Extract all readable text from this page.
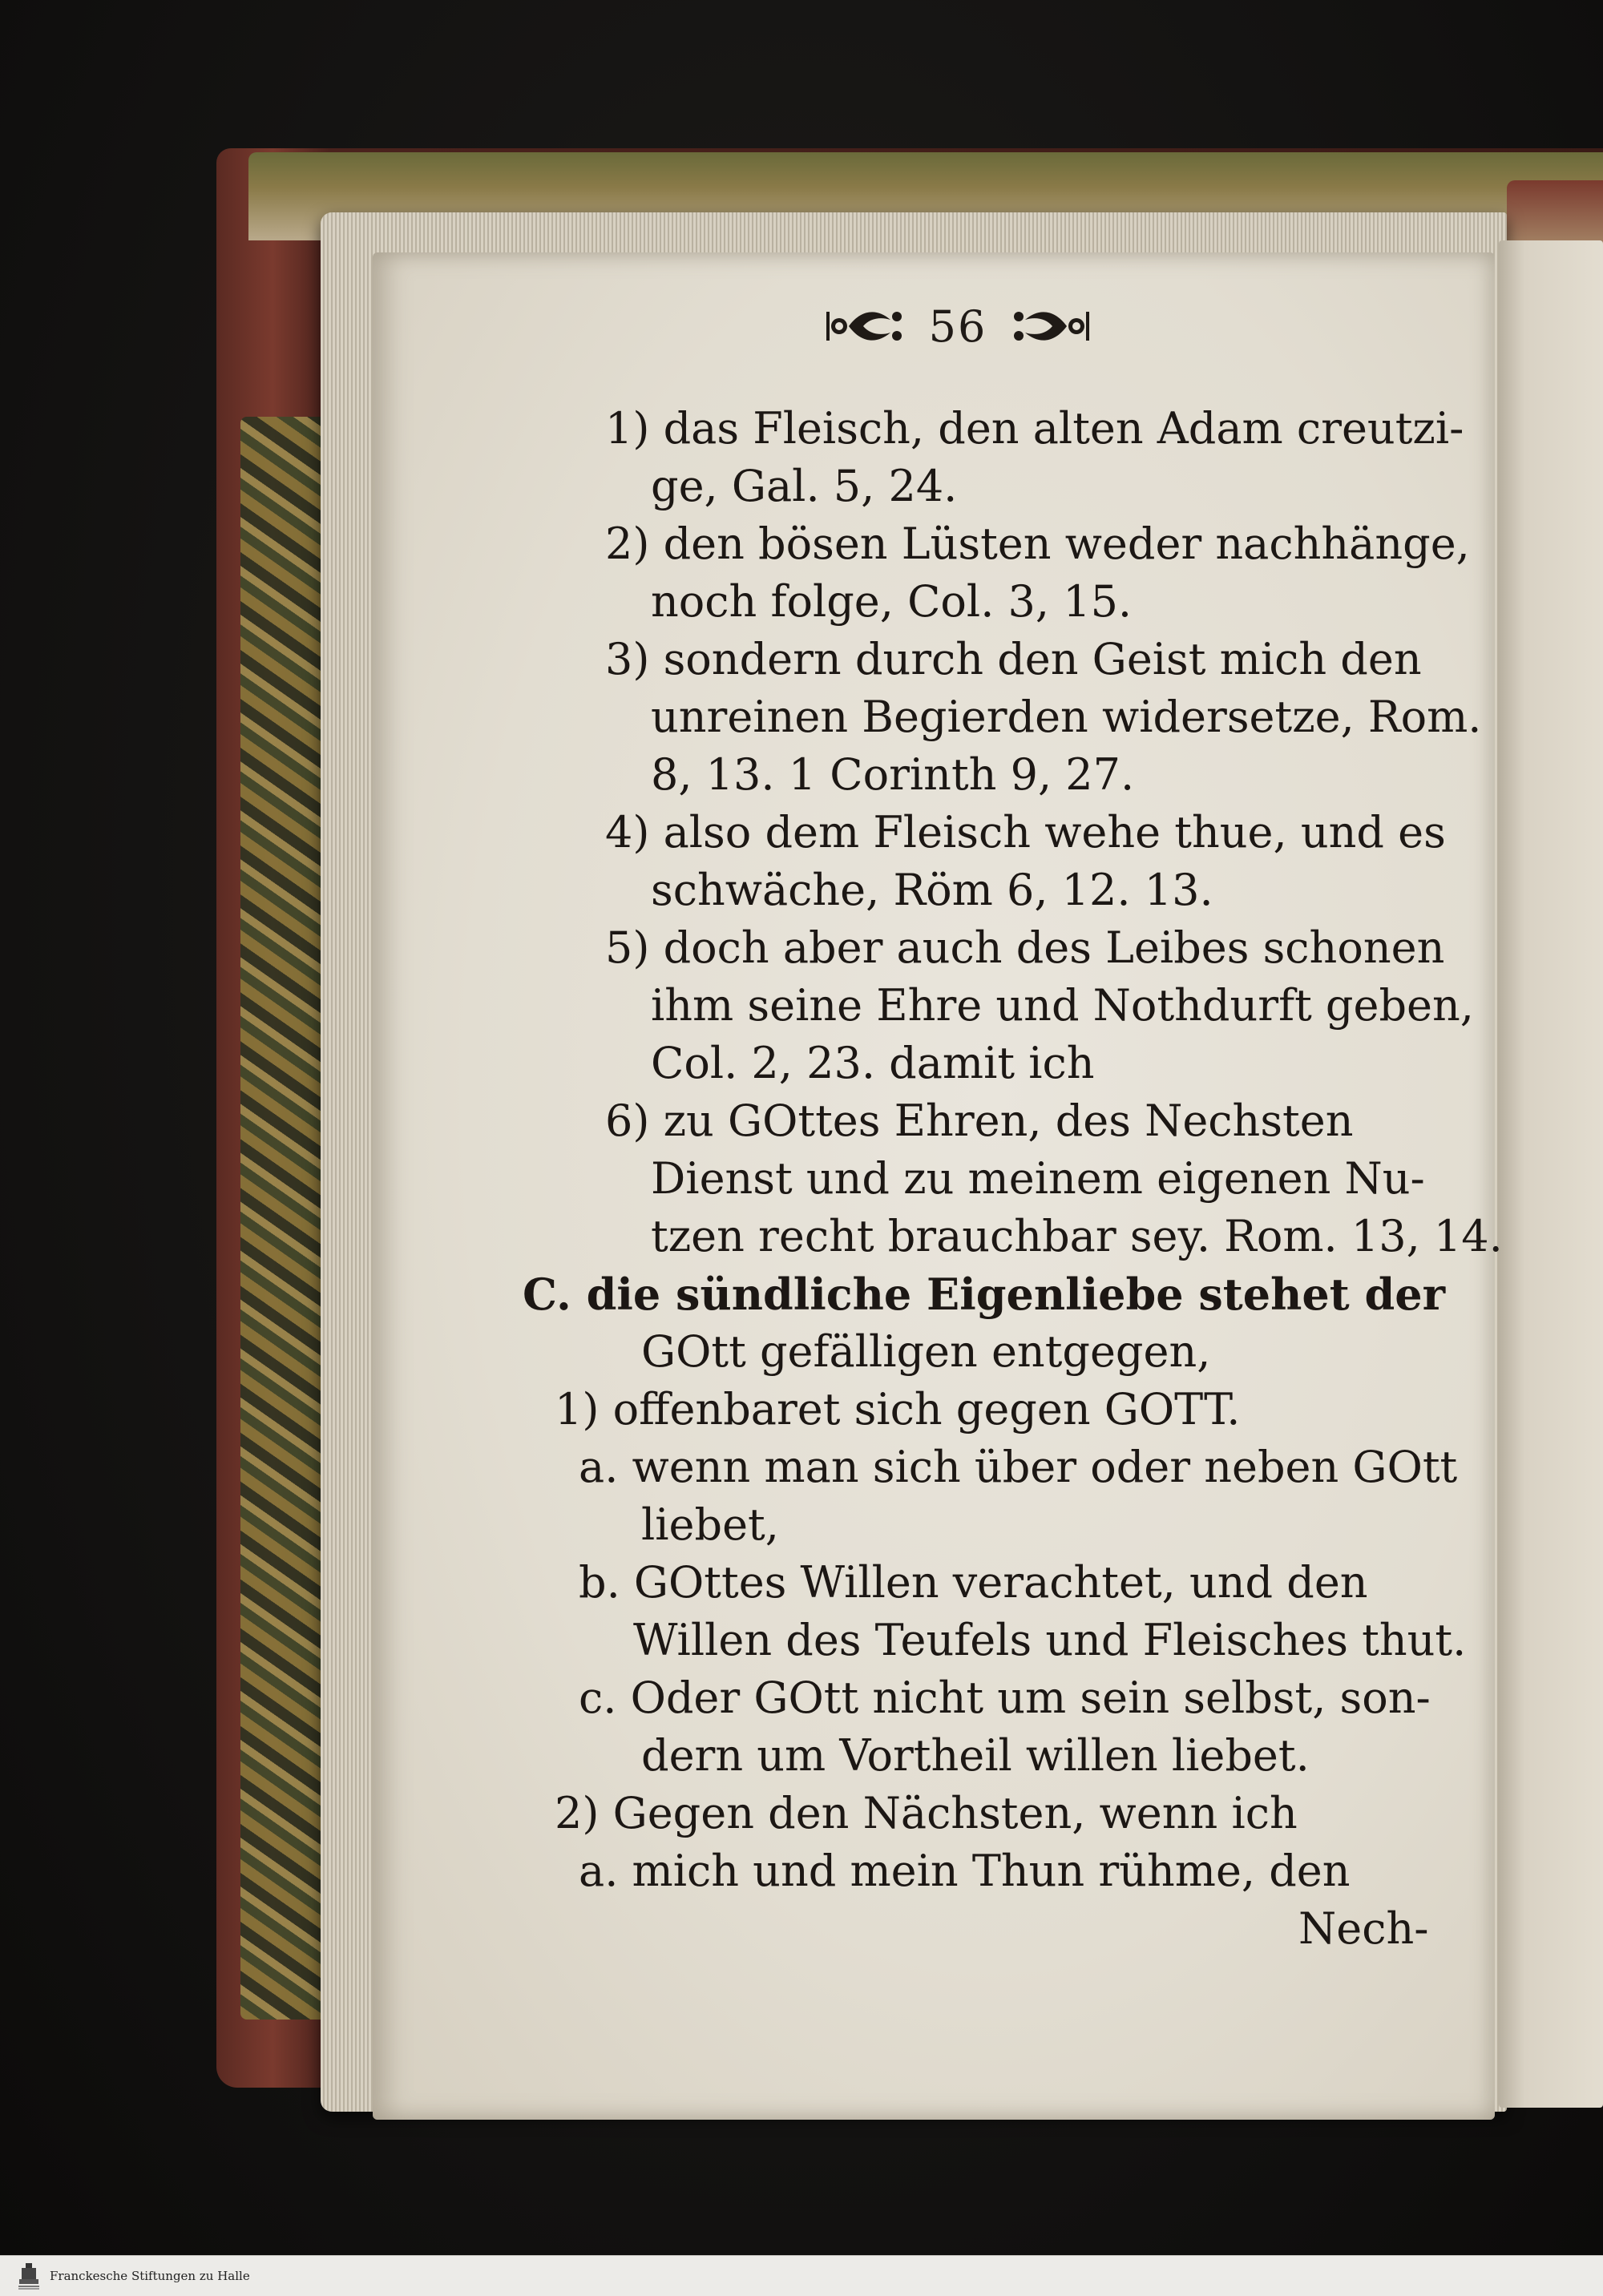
56
1) das Fleisch, den alten Adam creutzi-
ge, Gal. 5, 24.
2) den bösen Lüsten weder nachhänge,
noch folge, Col. 3, 15.
3) sondern durch den Geist mich den
unreinen Begierden widersetze, Rom.
8, 13. 1 Corinth 9, 27.
4) also dem Fleisch wehe thue, und es
schwäche, Röm 6, 12. 13.
5) doch aber auch des Leibes schonen
ihm seine Ehre und Nothdurft geben,
Col. 2, 23. damit ich
6) zu GOttes Ehren, des Nechsten
Dienst und zu meinem eigenen Nu-
tzen recht brauchbar sey. Rom. 13, 14.
C. die sündliche Eigenliebe stehet der
GOtt gefälligen entgegen,
1) offenbaret sich gegen GOTT.
a. wenn man sich über oder neben GOtt
liebet,
b. GOttes Willen verachtet, und den
Willen des Teufels und Fleisches thut.
c. Oder GOtt nicht um sein selbst, son-
dern um Vortheil willen liebet.
2) Gegen den Nächsten, wenn ich
a. mich und mein Thun rühme, den
Nech-
Franckesche Stiftungen zu Halle
